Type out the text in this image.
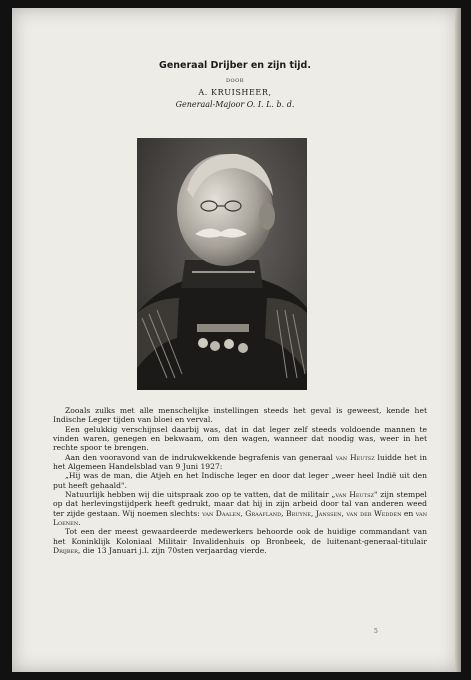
Generaal Drijber en zijn tijd.
DOOR
A. KRUISHEER,
Generaal-Majoor O. I. L. b. d.

Zooals zulks met alle menschelijke instellingen steeds het geval is geweest, kende het Indische Leger tijden van bloei en verval.

Een gelukkig verschijnsel daarbij was, dat in dat leger zelf steeds voldoende mannen te vinden waren, genegen en bekwaam, om den wagen, wanneer dat noodig was, weer in het rechte spoor te brengen.

Aan den vooravond van de indrukwekkende begrafenis van generaal van Heutsz luidde het in het Algemeen Handelsblad van 9 Juni 1927:

„Hij was de man, die Atjeh en het Indische leger en door dat leger „weer heel Indië uit den put heeft gehaald".

Natuurlijk hebben wij die uitspraak zoo op te vatten, dat de militair „van Heutsz" zijn stempel op dat herlevingstijdperk heeft gedrukt, maar dat hij in zijn arbeid door tal van anderen weed ter zijde gestaan. Wij noemen slechts: van Daalen, Graafland, Bruyne, Janssen, van der Wedden en van Loenen.

Tot een der meest gewaardeerde medewerkers behoorde ook de huidige commandant van het Koninklijk Koloniaal Militair Invalidenhuis op Bronbeek, de luitenant-generaal-titulair Drijber, die 13 Januari j.l. zijn 70sten verjaardag vierde.

5
